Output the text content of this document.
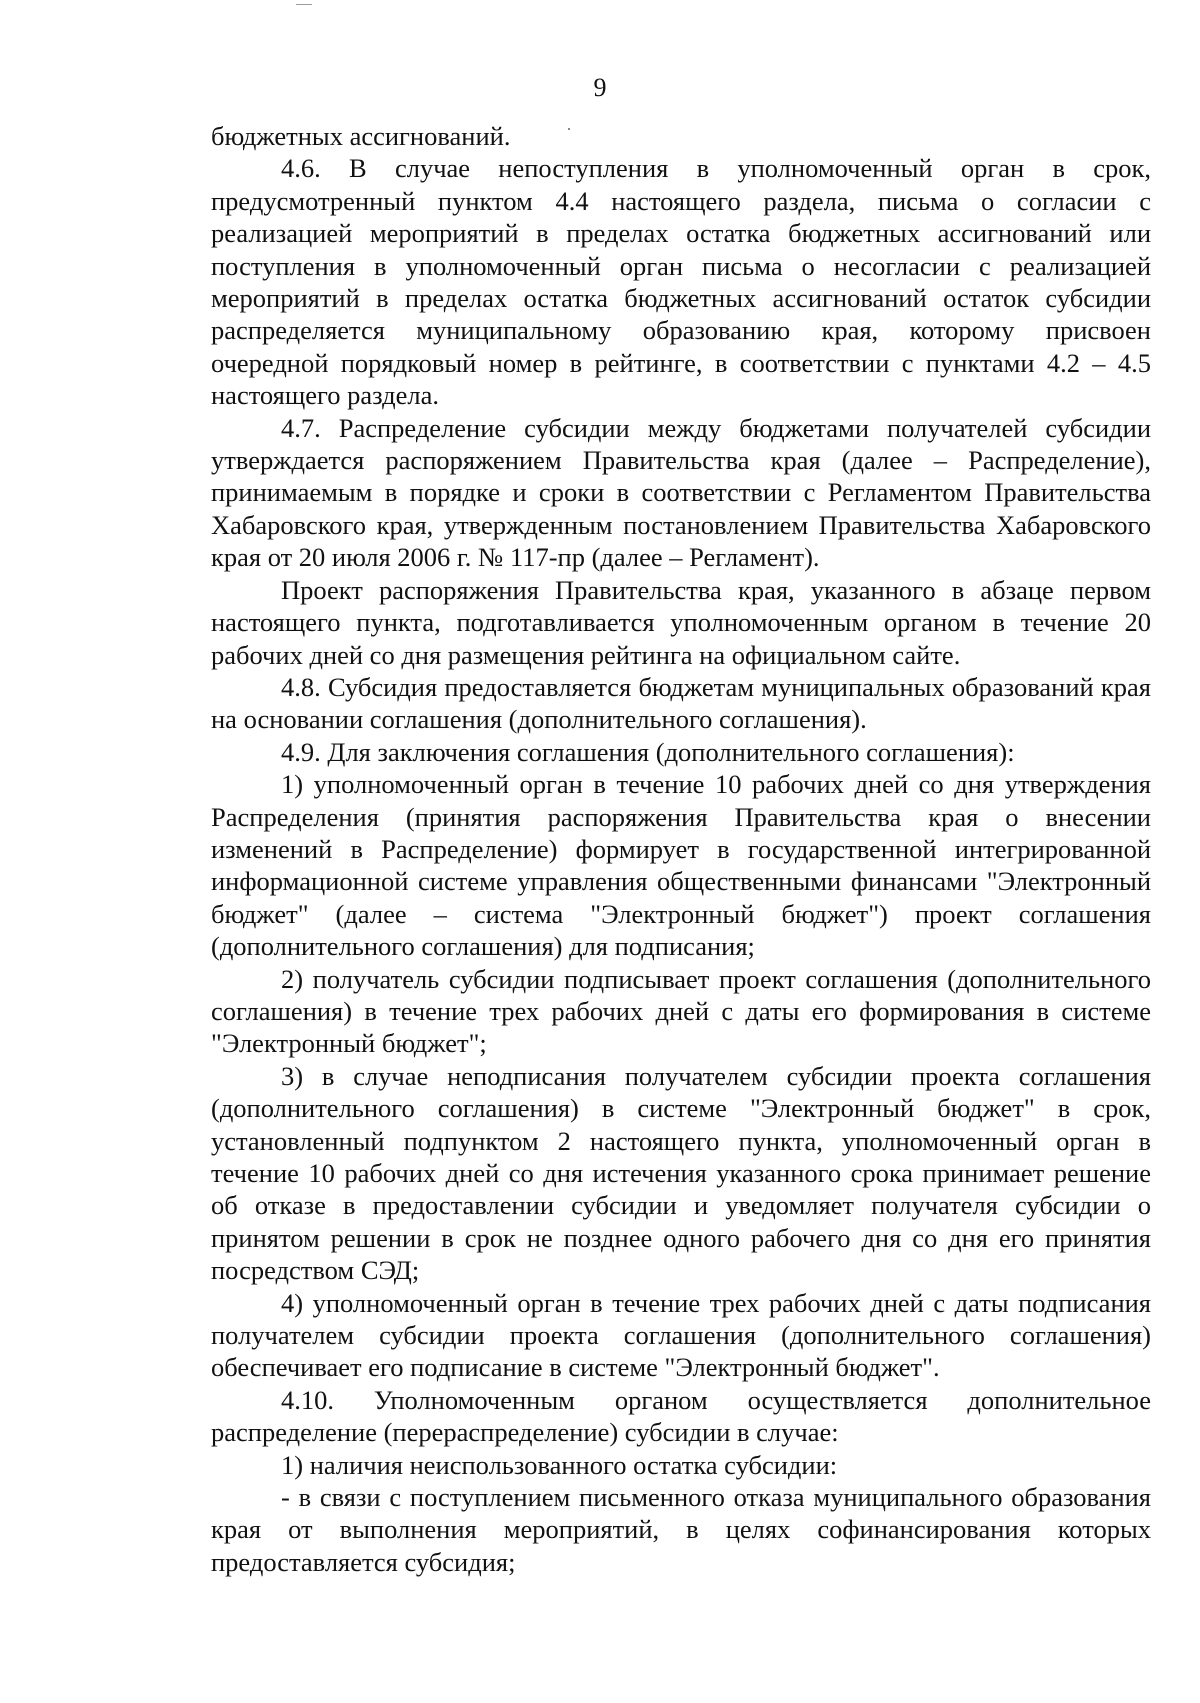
9

бюджетных ассигнований.

4.6. В случае непоступления в уполномоченный орган в срок, предусмотренный пунктом 4.4 настоящего раздела, письма о согласии с реализацией мероприятий в пределах остатка бюджетных ассигнований или поступления в уполномоченный орган письма о несогласии с реализацией мероприятий в пределах остатка бюджетных ассигнований остаток субсидии распределяется муниципальному образованию края, которому присвоен очередной порядковый номер в рейтинге, в соответствии с пунктами 4.2 – 4.5 настоящего раздела.

4.7. Распределение субсидии между бюджетами получателей субсидии утверждается распоряжением Правительства края (далее – Распределение), принимаемым в порядке и сроки в соответствии с Регламентом Правительства Хабаровского края, утвержденным постановлением Правительства Хабаровского края от 20 июля 2006 г. № 117-пр (далее – Регламент).

Проект распоряжения Правительства края, указанного в абзаце первом настоящего пункта, подготавливается уполномоченным органом в течение 20 рабочих дней со дня размещения рейтинга на официальном сайте.

4.8. Субсидия предоставляется бюджетам муниципальных образований края на основании соглашения (дополнительного соглашения).

4.9. Для заключения соглашения (дополнительного соглашения):

1) уполномоченный орган в течение 10 рабочих дней со дня утверждения Распределения (принятия распоряжения Правительства края о внесении изменений в Распределение) формирует в государственной интегрированной информационной системе управления общественными финансами "Электронный бюджет" (далее – система "Электронный бюджет") проект соглашения (дополнительного соглашения) для подписания;

2) получатель субсидии подписывает проект соглашения (дополнительного соглашения) в течение трех рабочих дней с даты его формирования в системе "Электронный бюджет";

3) в случае неподписания получателем субсидии проекта соглашения (дополнительного соглашения) в системе "Электронный бюджет" в срок, установленный подпунктом 2 настоящего пункта, уполномоченный орган в течение 10 рабочих дней со дня истечения указанного срока принимает решение об отказе в предоставлении субсидии и уведомляет получателя субсидии о принятом решении в срок не позднее одного рабочего дня со дня его принятия посредством СЭД;

4) уполномоченный орган в течение трех рабочих дней с даты подписания получателем субсидии проекта соглашения (дополнительного соглашения) обеспечивает его подписание в системе "Электронный бюджет".

4.10. Уполномоченным органом осуществляется дополнительное распределение (перераспределение) субсидии в случае:

1) наличия неиспользованного остатка субсидии:

- в связи с поступлением письменного отказа муниципального образования края от выполнения мероприятий, в целях софинансирования которых предоставляется субсидия;
